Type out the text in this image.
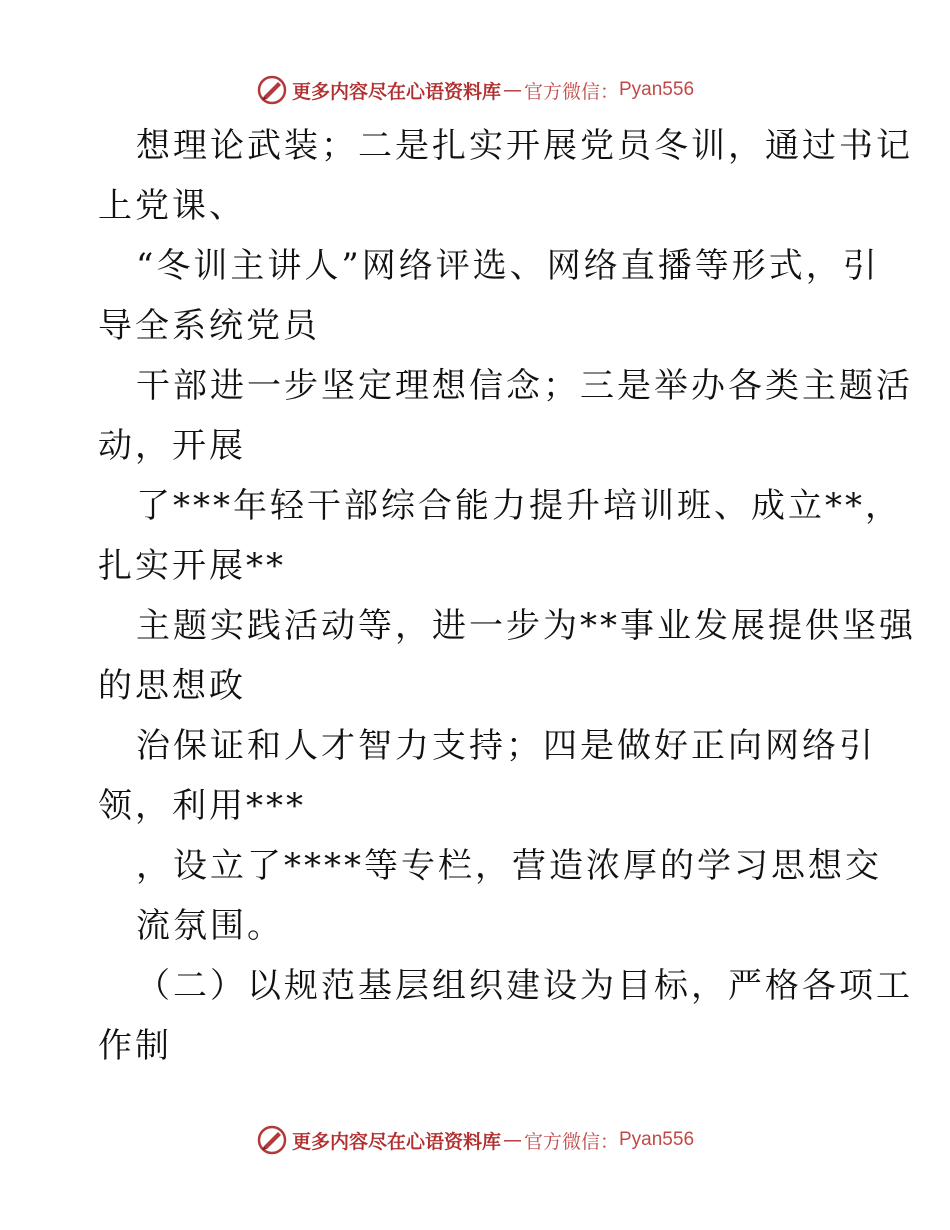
更多内容尽在心语资料库 — 官方微信： Pyan556
想理论武装；二是扎实开展党员冬训，通过书记
上党课、
“冬训主讲人”网络评选、网络直播等形式，引
导全系统党员
干部进一步坚定理想信念；三是举办各类主题活
动，开展
了***年轻干部综合能力提升培训班、成立**，
扎实开展**
主题实践活动等，进一步为**事业发展提供坚强
的思想政
治保证和人才智力支持；四是做好正向网络引
领，利用***
，设立了****等专栏，营造浓厚的学习思想交
流氛围。
（二）以规范基层组织建设为目标，严格各项工
作制
更多内容尽在心语资料库 — 官方微信： Pyan556
